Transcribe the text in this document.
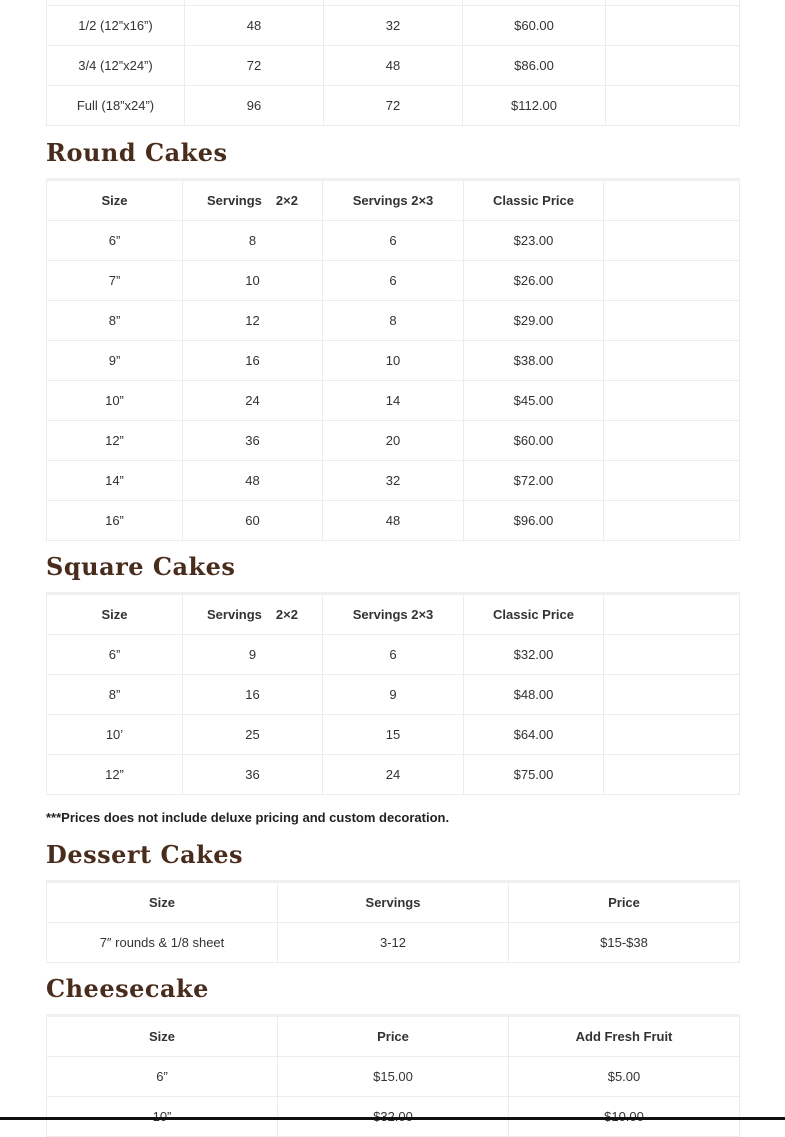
1/2 (12”x16”)	48	32	$60.00	
3/4 (12”x24”)	72	48	$86.00	
Full (18”x24”)	96	72	$112.00	
Round Cakes
Size	Servings 2×2	Servings 2×3	Classic Price	
6”	8	6	$23.00	
7”	10	6	$26.00	
8”	12	8	$29.00	
9”	16	10	$38.00	
10”	24	14	$45.00	
12”	36	20	$60.00	
14”	48	32	$72.00	
16”	60	48	$96.00	
Square Cakes
Size	Servings 2×2	Servings 2×3	Classic Price	
6”	9	6	$32.00	
8”	16	9	$48.00	
10’	25	15	$64.00	
12”	36	24	$75.00	
***Prices does not include deluxe pricing and custom decoration.
Dessert Cakes
Size	Servings	Price
7″ rounds & 1/8 sheet	3-12	$15-$38
Cheesecake
Size	Price	Add Fresh Fruit
6”	$15.00	$5.00
